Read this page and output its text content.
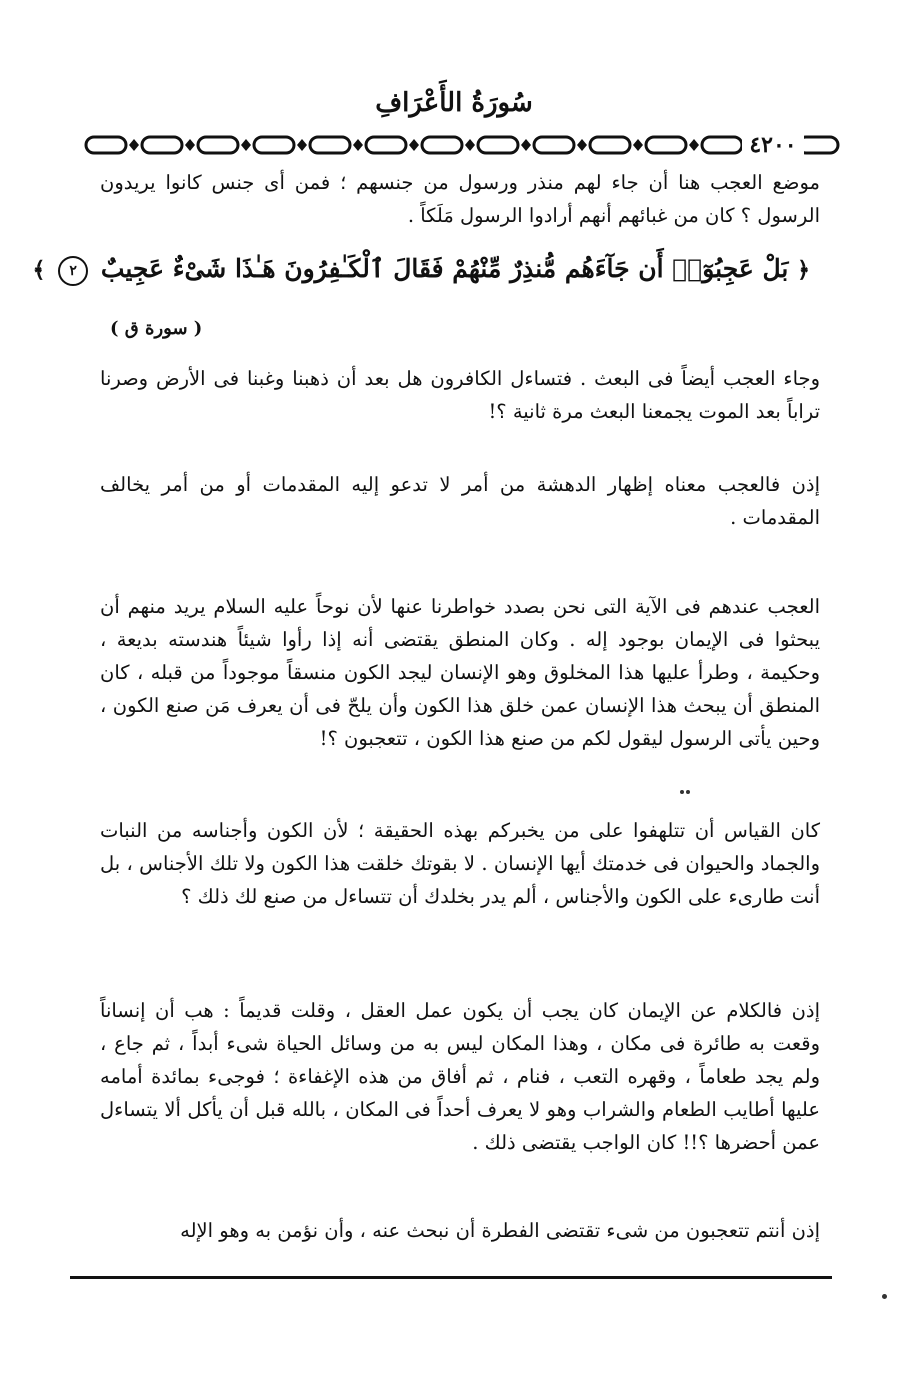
سُورَةُ الأَعْرَافِ
٤٢٠٠
موضع العجب هنا أن جاء لهم منذر ورسول من جنسهم ؛ فمن أى جنس كانوا يريدون الرسول ؟ كان من غبائهم أنهم أرادوا الرسول مَلَكاً .
﴿ بَلْ عَجِبُوٓا۟ أَن جَآءَهُم مُّنذِرٌ مِّنْهُمْ فَقَالَ ٱلْكَـٰفِرُونَ هَـٰذَا شَىْءٌ عَجِيبٌ ٢ ﴾
( سورة ق )
وجاء العجب أيضاً فى البعث . فتساءل الكافرون هل بعد أن ذهبنا وغبنا فى الأرض وصرنا تراباً بعد الموت يجمعنا البعث مرة ثانية ؟!
إذن فالعجب معناه إظهار الدهشة من أمر لا تدعو إليه المقدمات أو من أمر يخالف المقدمات .
العجب عندهم فى الآية التى نحن بصدد خواطرنا عنها لأن نوحاً عليه السلام يريد منهم أن يبحثوا فى الإيمان بوجود إله . وكان المنطق يقتضى أنه إذا رأوا شيئاً هندسته بديعة ، وحكيمة ، وطرأ عليها هذا المخلوق وهو الإنسان ليجد الكون منسقاً موجوداً من قبله ، كان المنطق أن يبحث هذا الإنسان عمن خلق هذا الكون وأن يلحّ فى أن يعرف مَن صنع الكون ، وحين يأتى الرسول ليقول لكم من صنع هذا الكون ، تتعجبون ؟!
كان القياس أن تتلهفوا على من يخبركم بهذه الحقيقة ؛ لأن الكون وأجناسه من النبات والجماد والحيوان فى خدمتك أيها الإنسان . لا بقوتك خلقت هذا الكون ولا تلك الأجناس ، بل أنت طارىء على الكون والأجناس ، ألم يدر بخلدك أن تتساءل من صنع لك ذلك ؟
إذن فالكلام عن الإيمان كان يجب أن يكون عمل العقل ، وقلت قديماً : هب أن إنساناً وقعت به طائرة فى مكان ، وهذا المكان ليس به من وسائل الحياة شىء أبداً ، ثم جاع ، ولم يجد طعاماً ، وقهره التعب ، فنام ، ثم أفاق من هذه الإغفاءة ؛ فوجىء بمائدة أمامه عليها أطايب الطعام والشراب وهو لا يعرف أحداً فى المكان ، بالله قبل أن يأكل ألا يتساءل عمن أحضرها ؟!! كان الواجب يقتضى ذلك .
إذن أنتم تتعجبون من شىء تقتضى الفطرة أن نبحث عنه ، وأن نؤمن به وهو الإله
